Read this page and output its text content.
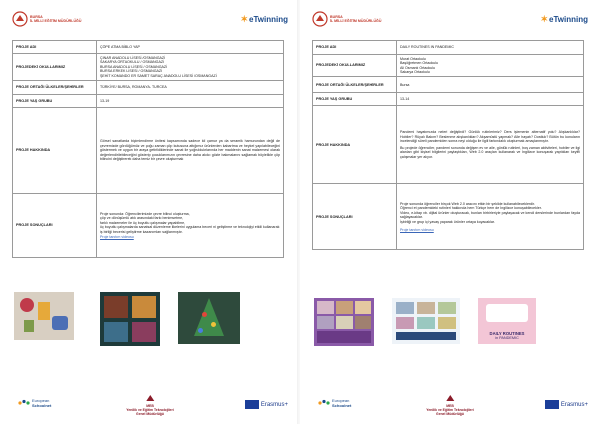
BURSA
İL MİLLİ EĞİTİM MÜDÜRLÜĞÜ	✶ eTwinning
PROJE ADI	ÇÖPE ATMA BİBLO YAP
PROJEDEKİ OKULLARIMIZ	ÇINAR ANADOLU LİSESİ /OSMANGAZİ
SAKARYA ORTAOKULU / OSMANGAZİ
BURSA ANADOLU LİSESİ / OSMANGAZİ
BURSA ERKEK LİSESİ / OSMANGAZİ
ŞEHİT KOMANDO ER SAMET SARAÇ ANADOLU LİSESİ /OSMANGAZİ

PROJE ORTAĞI ÜLKELER/ŞEHİRLER	TÜRKİYE/ BURSA, ROMANYA- TURCEA
PROJE YAŞ GRUBU	13-19
PROJE HAKKINDA	Görsel sanatlarda biçimlendirme ünitesi kapsamında sadece kil çamur ya da seramik hamurundan değil de çevremizde gördüğümüz ve çoğu zaman çöp kutusuna attığımız ürünlerden kabartma ve heykel yapılabileceğini göstermek ve uygun bir araya getirildiklerinde sanat ile yoğruldukrlarında her maddenin sanat malzemesi olarak değerlendirilebileceğini gösterip çocuklarımızın çevresine daha akılcı gözle bakmalarını sağlamak böylelikle çöp bilincini değiştirerek daha temiz bir çevre oluşturmak
PROJE SONUÇLARI	Proje sonunda: Öğrencilerimizde çevre bilinci oluşturma,
çöp ve dönüşümlü atık arasındaki farkı benimsetme,
farklı malzemeler ile üç boyutlu çalışmalar yapabilme,
üç boyutlu çalışmalarda sanatsal düzenleme ilkelerini uygulama beceri ni geliştirme ve teknolojiyi etkili kullanarak iş birliği becerisi geliştirme kazanımları sağlanmıştır.
Proje tanıtım videosu
European
Schoolnet	MEB
Yenilik ve Eğitim Teknolojileri
Genel Müdürlüğü
Erasmus+
BURSA
İL MİLLİ EĞİTİM MÜDÜRLÜĞÜ	✶ eTwinning
PROJE ADI	DAILY ROUTINES IN PANDEMIC
PROJEDEKİ OKULLARIMIZ	Murat Ortaokulu
Başöğretmen Ortaokulu
Ali Osmanlı Ortaokulu
Sakarya Ortaokulu

PROJE ORTAĞI ÜLKELER/ŞEHİRLER	Bursa
PROJE YAŞ GRUBU	13-14
PROJE HAKKINDA	Pandemi hayatımızda neleri değiştirdi? Günlük rutinlerimiz? Ders işlemenin alternatif yolu? Alışkanlıklar? Hobiler? Rüyalı Bakım? Beslenme alışkanlıkları? Akşamüstü yapmak? Aile hayatı? Dostluk? Bütün bu konuların incelendiği süreli pandemiden sonra neyi olduğu ile ilgili farkındalık oluşturmak amaçlanmıştır.
Bu projede öğrenciler, pandemi sonunda değişen ev ve aile, günlük rutinleri, boş zaman aktiviteleri, hobiler ve ilgi alanları gibi kişisel bilgilerini paylaştıkları, Web 2.0 araçları kullanarak ve İngilizce konuşarak yaptıkları keyifli çalışmalar yer alıyor.

PROJE SONUÇLARI	Proje sonunda öğrenciler birçok Web 2.0 aracını etkin bir şekilde kullanabileceklerdir.
Öğrenci et pandemideki rutinleri hakkında hem Türkçe hem de İngilizce konuşabilecekler.
Video, e-kitap vb. dijital ürünler oluşturacak, bunları birbirleriyle paylaşacak ve kendi derslerinde bunlardan fayda sağlayacaklar.
İşbirliği ve grup içi yavaş yaparak ürünler ortaya koyacaklar.
Proje tanıtım videosu
DAILY ROUTINES
in PANDEMIC
European
Schoolnet	MEB
Yenilik ve Eğitim Teknolojileri
Genel Müdürlüğü
Erasmus+
